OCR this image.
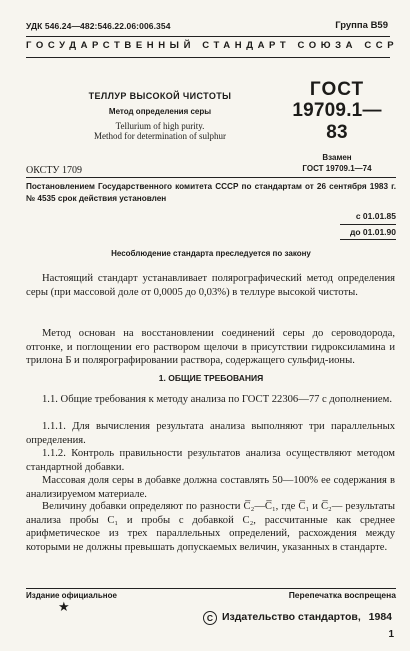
УДК 546.24—482:546.22.06:006.354	Группа В59
ГОСУДАРСТВЕННЫЙ СТАНДАРТ СОЮЗА ССР
ТЕЛЛУР ВЫСОКОЙ ЧИСТОТЫ
Метод определения серы
Tellurium of high purity.
Method for determination of sulphur
ГОСТ
19709.1—83
Взамен
ГОСТ 19709.1—74
ОКСТУ 1709
Постановлением Государственного комитета СССР по стандартам от 26 сентября 1983 г. № 4535 срок действия установлен
с 01.01.85
до 01.01.90
Несоблюдение стандарта преследуется по закону
Настоящий стандарт устанавливает полярографический метод определения серы (при массовой доле от 0,0005 до 0,03%) в теллуре высокой чистоты.
Метод основан на восстановлении соединений серы до сероводорода, отгонке, и поглощении его раствором щелочи в присутствии гидроксиламина и трилона Б и полярографировании раствора, содержащего сульфид-ионы.
1. ОБЩИЕ ТРЕБОВАНИЯ
1.1. Общие требования к методу анализа по ГОСТ 22306—77 с дополнением.
1.1.1. Для вычисления результата анализа выполняют три параллельных определения.
1.1.2. Контроль правильности результатов анализа осуществляют методом стандартной добавки.
Массовая доля серы в добавке должна составлять 50—100% ее содержания в анализируемом материале.
Величину добавки определяют по разности C̅₂—C̅₁, где C̅₁ и C̅₂— результаты анализа пробы C₁ и пробы с добавкой C₂, рассчитанные как среднее арифметическое из трех параллельных определений, расхождения между которыми не должны превышать допускаемых величин, указанных в стандарте.
Издание официальное	Перепечатка воспрещена
★
С Издательство стандартов, 1984
1
